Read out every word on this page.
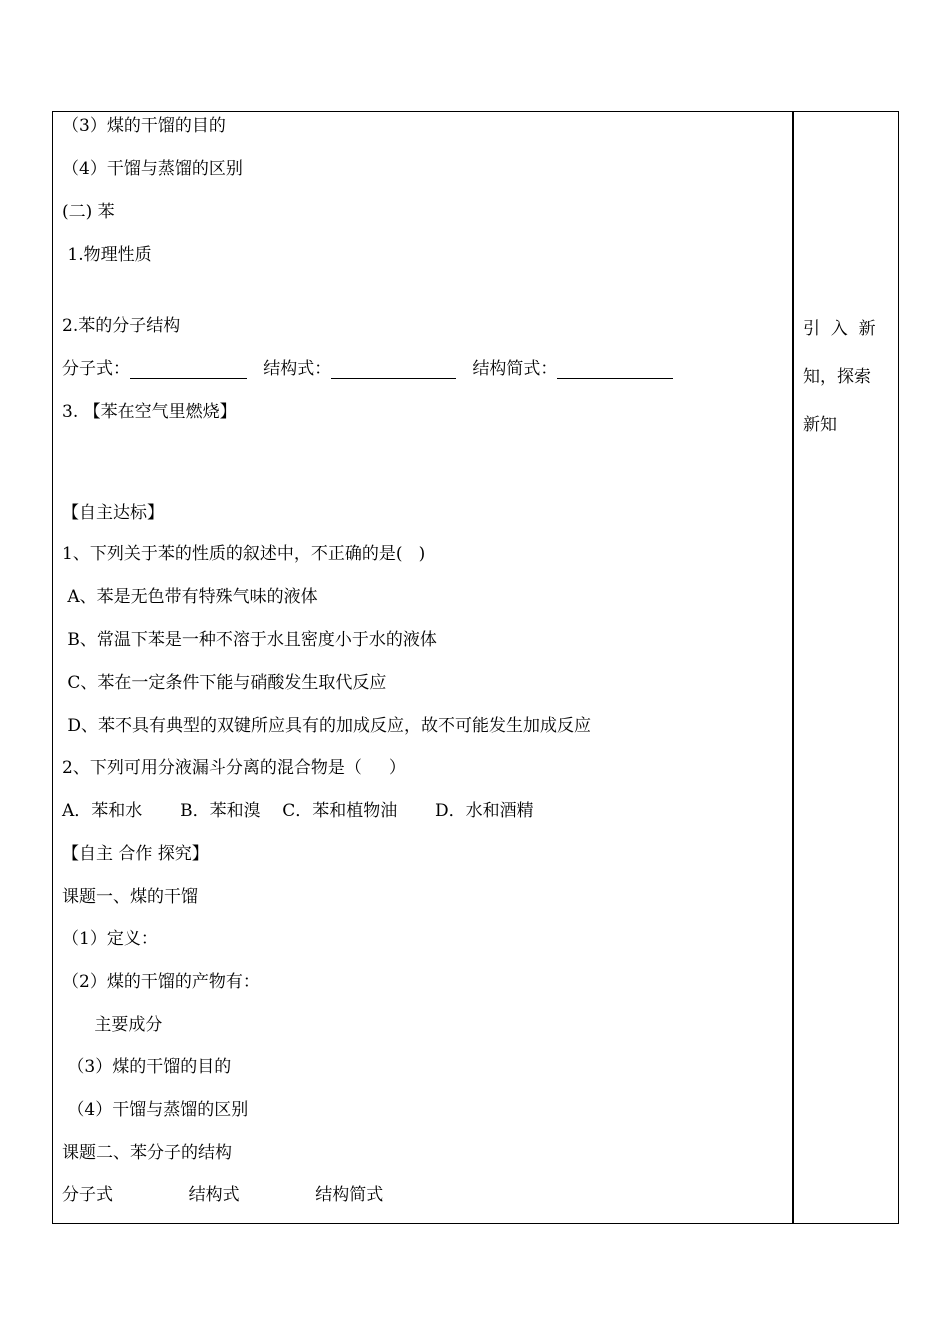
（3）煤的干馏的目的
（4）干馏与蒸馏的区别
(二) 苯
1.物理性质
2.苯的分子结构
分子式：	结构式：	结构简式：
3. 【苯在空气里燃烧】
【自主达标】
1、下列关于苯的性质的叙述中，不正确的是(   )
A、苯是无色带有特殊气味的液体
B、常温下苯是一种不溶于水且密度小于水的液体
C、苯在一定条件下能与硝酸发生取代反应
D、苯不具有典型的双键所应具有的加成反应，故不可能发生加成反应
2、下列可用分液漏斗分离的混合物是（     ）
A．苯和水       B．苯和溴    C．苯和植物油       D．水和酒精
【自主 合作 探究】
课题一、煤的干馏
（1）定义：
（2）煤的干馏的产物有：
主要成分
（3）煤的干馏的目的
（4）干馏与蒸馏的区别
课题二、苯分子的结构
分子式              结构式              结构简式
引  入  新
知，探索
新知
